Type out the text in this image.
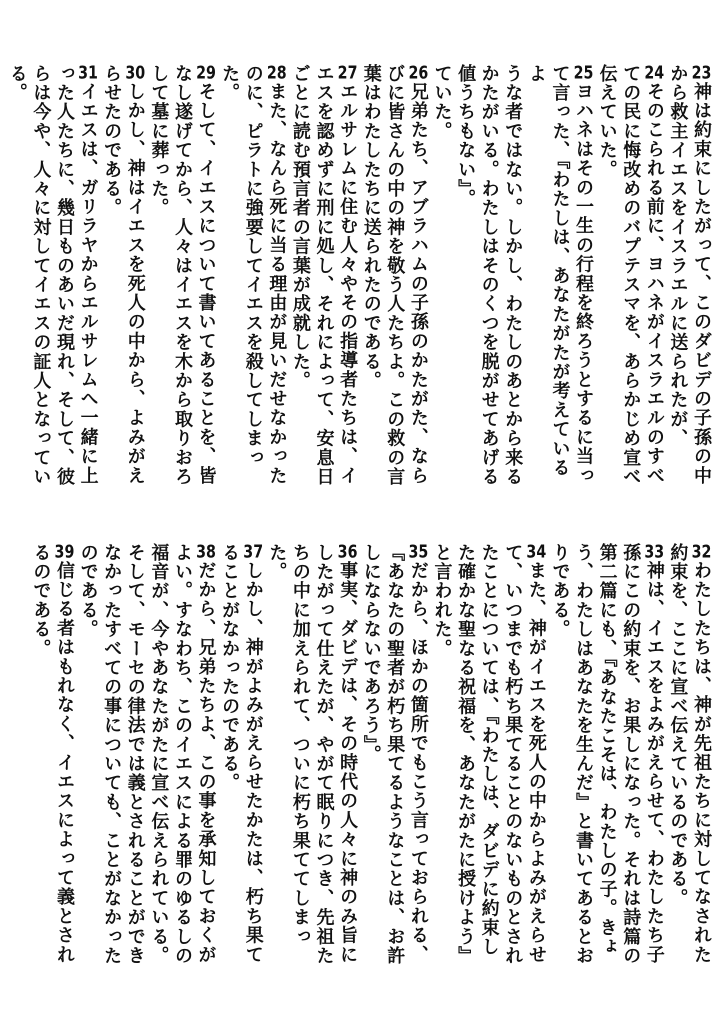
23神は約束にしたがって、このダビデの子孫の中
から救主イエスをイスラエルに送られたが、
24そのこられる前に、ヨハネがイスラエルのすべ
ての民に悔改めのバプテスマを、あらかじめ宣べ
伝えていた。
25ヨハネはその一生の行程を終ろうとするに当っ
て言った、『わたしは、あなたがたが考えているよ
うな者ではない。しかし、わたしのあとから来る
かたがいる。わたしはそのくつを脱がせてあげる
値うちもない』。
ていた。
26兄弟たち、アブラハムの子孫のかたがた、なら
びに皆さんの中の神を敬う人たちよ。この救の言
葉はわたしたちに送られたのである。
27エルサレムに住む人々やその指導者たちは、イ
エスを認めずに刑に処し、それによって、安息日
ごとに読む預言者の言葉が成就した。
28また、なんら死に当る理由が見いだせなかった
のに、ピラトに強要してイエスを殺してしまっ
た。
29そして、イエスについて書いてあることを、皆
なし遂げてから、人々はイエスを木から取りおろ
して墓に葬った。
30しかし、神はイエスを死人の中から、よみがえ
らせたのである。
31イエスは、ガリラヤからエルサレムへ一緒に上
った人たちに、幾日ものあいだ現れ、そして、彼
らは今や、人々に対してイエスの証人となってい
る。
32わたしたちは、神が先祖たちに対してなされた
約束を、ここに宣べ伝えているのである。
33神は、イエスをよみがえらせて、わたしたち子
孫にこの約束を、お果しになった。それは詩篇の
第二篇にも、『あなたこそは、わたしの子。きょ
う、わたしはあなたを生んだ』と書いてあるとお
りである。
34また、神がイエスを死人の中からよみがえらせ
て、いつまでも朽ち果てることのないものとされ
たことについては、『わたしは、ダビデに約束し
た確かな聖なる祝福を、あなたがたに授けよう』
と言われた。
35だから、ほかの箇所でもこう言っておられる、
『あなたの聖者が朽ち果てるようなことは、お許
しにならないであろう』。
36事実、ダビデは、その時代の人々に神のみ旨に
したがって仕えたが、やがて眠りにつき、先祖た
ちの中に加えられて、ついに朽ち果ててしまっ
た。
37しかし、神がよみがえらせたかたは、朽ち果て
ることがなかったのである。
38だから、兄弟たちよ、この事を承知しておくが
よい。すなわち、このイエスによる罪のゆるしの
福音が、今やあなたがたに宣べ伝えられている。
そして、モーセの律法では義とされることができ
なかったすべての事についても、ことがなかった
のである。
39信じる者はもれなく、イエスによって義とされ
るのである。
